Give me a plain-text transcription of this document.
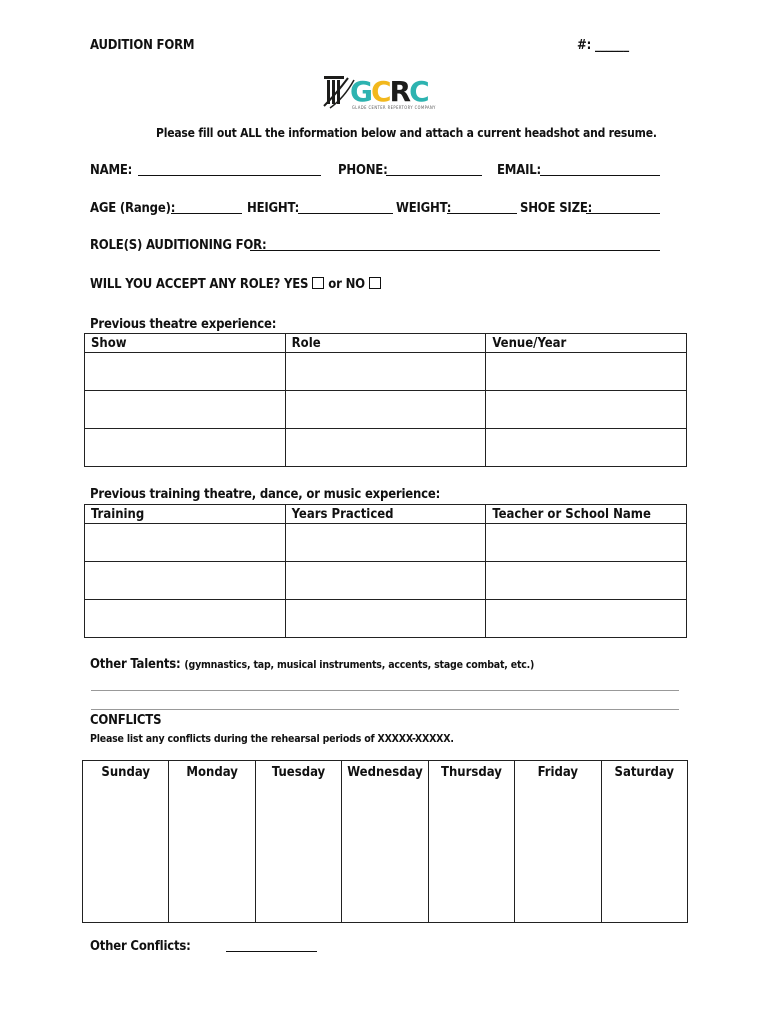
AUDITION FORM	#: ______
GCRC
GLADE CENTER REPERTORY COMPANY
Please fill out ALL the information below and attach a current headshot and resume.
NAME:	PHONE:	EMAIL:
AGE (Range):	HEIGHT:	WEIGHT:	SHOE SIZE:
ROLE(S) AUDITIONING FOR:
WILL YOU ACCEPT ANY ROLE? YES or NO
Previous theatre experience:
Show	Role	Venue/Year

Previous training theatre, dance, or music experience:
Training	Years Practiced	Teacher or School Name

Other Talents: (gymnastics, tap, musical instruments, accents, stage combat, etc.)
CONFLICTS
Please list any conflicts during the rehearsal periods of XXXXX-XXXXX.
Sunday	Monday	Tuesday	Wednesday	Thursday	Friday	Saturday
Other Conflicts:
